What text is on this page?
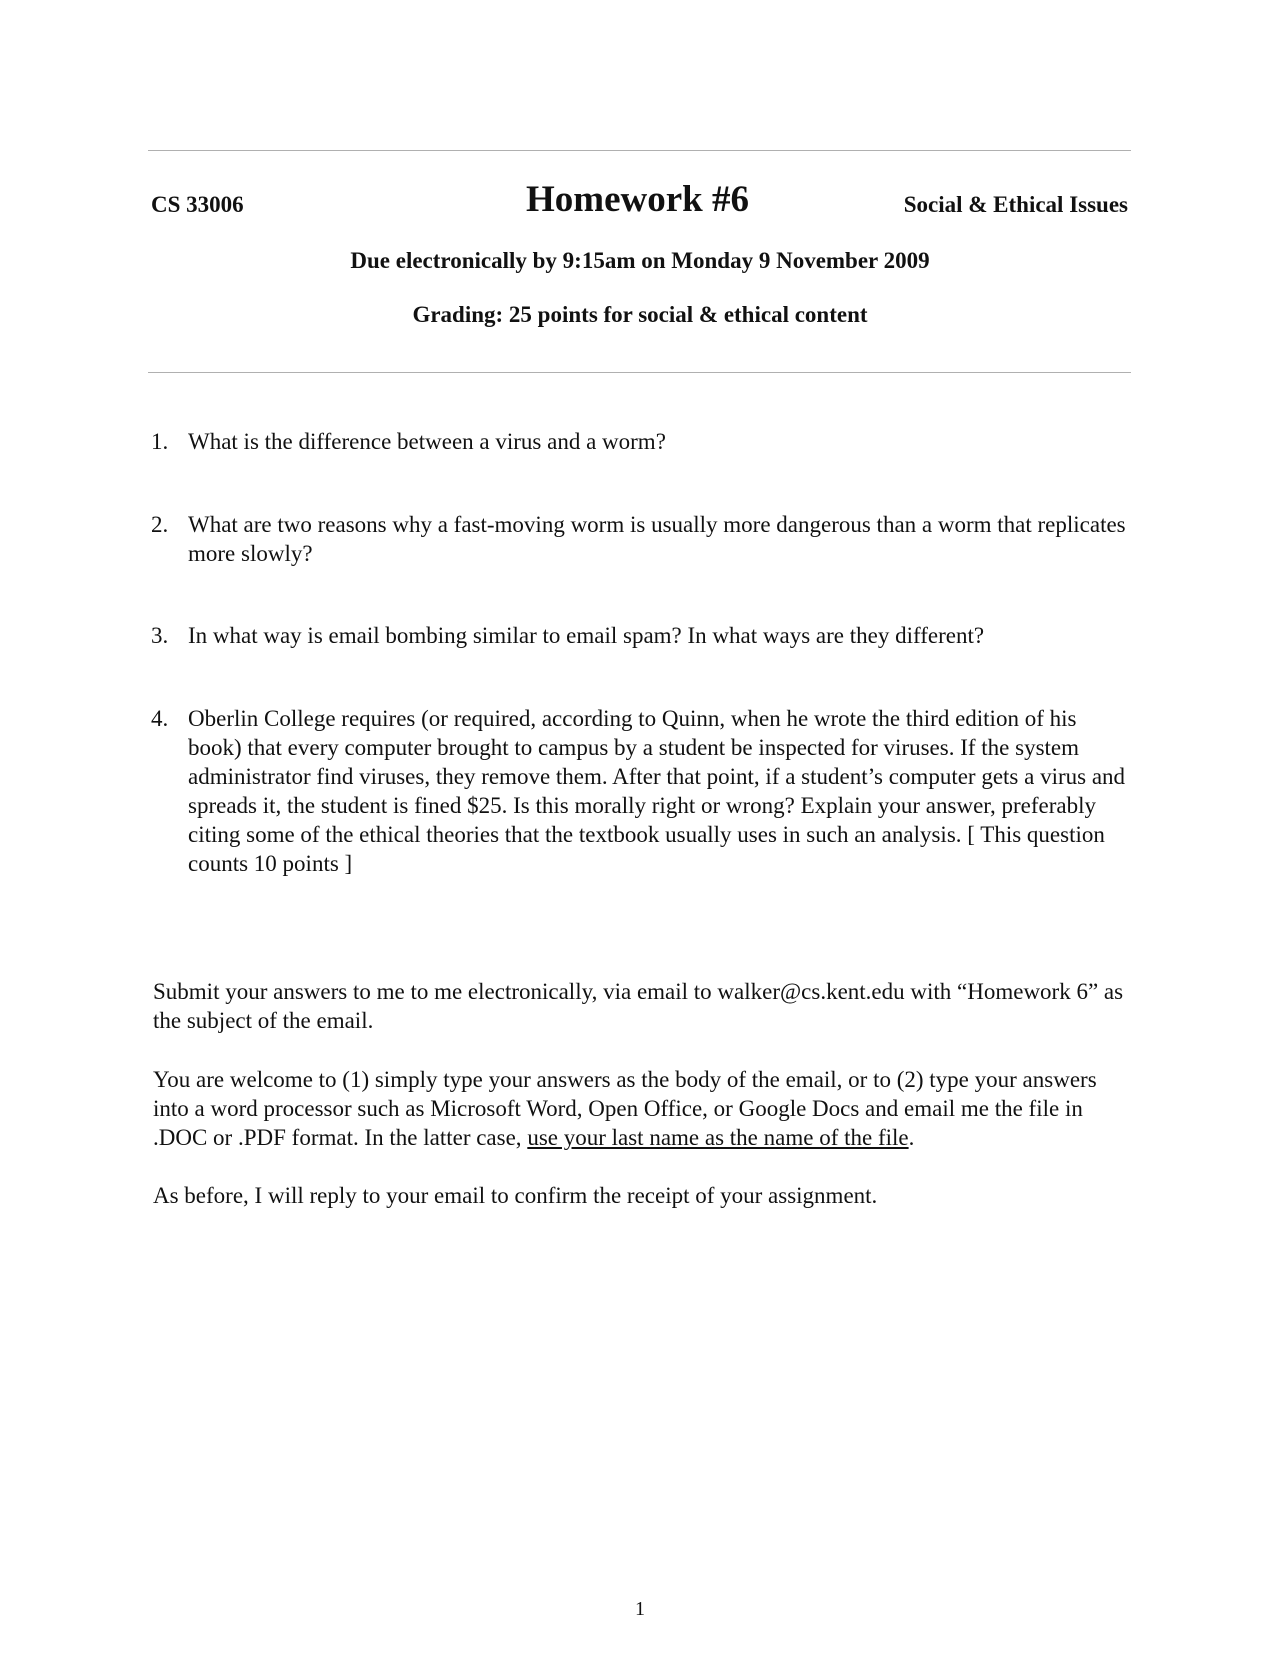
CS 33006	Homework #6	Social & Ethical Issues
Due electronically by 9:15am on Monday 9 November 2009
Grading: 25 points for social & ethical content
1. What is the difference between a virus and a worm?
2. What are two reasons why a fast-moving worm is usually more dangerous than a worm that replicates more slowly?
3. In what way is email bombing similar to email spam? In what ways are they different?
4. Oberlin College requires (or required, according to Quinn, when he wrote the third edition of his book) that every computer brought to campus by a student be inspected for viruses. If the system administrator find viruses, they remove them. After that point, if a student’s computer gets a virus and spreads it, the student is fined $25. Is this morally right or wrong? Explain your answer, preferably citing some of the ethical theories that the textbook usually uses in such an analysis. [ This question counts 10 points ]
Submit your answers to me to me electronically, via email to walker@cs.kent.edu with “Homework 6” as the subject of the email.
You are welcome to (1) simply type your answers as the body of the email, or to (2) type your answers into a word processor such as Microsoft Word, Open Office, or Google Docs and email me the file in .DOC or .PDF format. In the latter case, use your last name as the name of the file.
As before, I will reply to your email to confirm the receipt of your assignment.
1
